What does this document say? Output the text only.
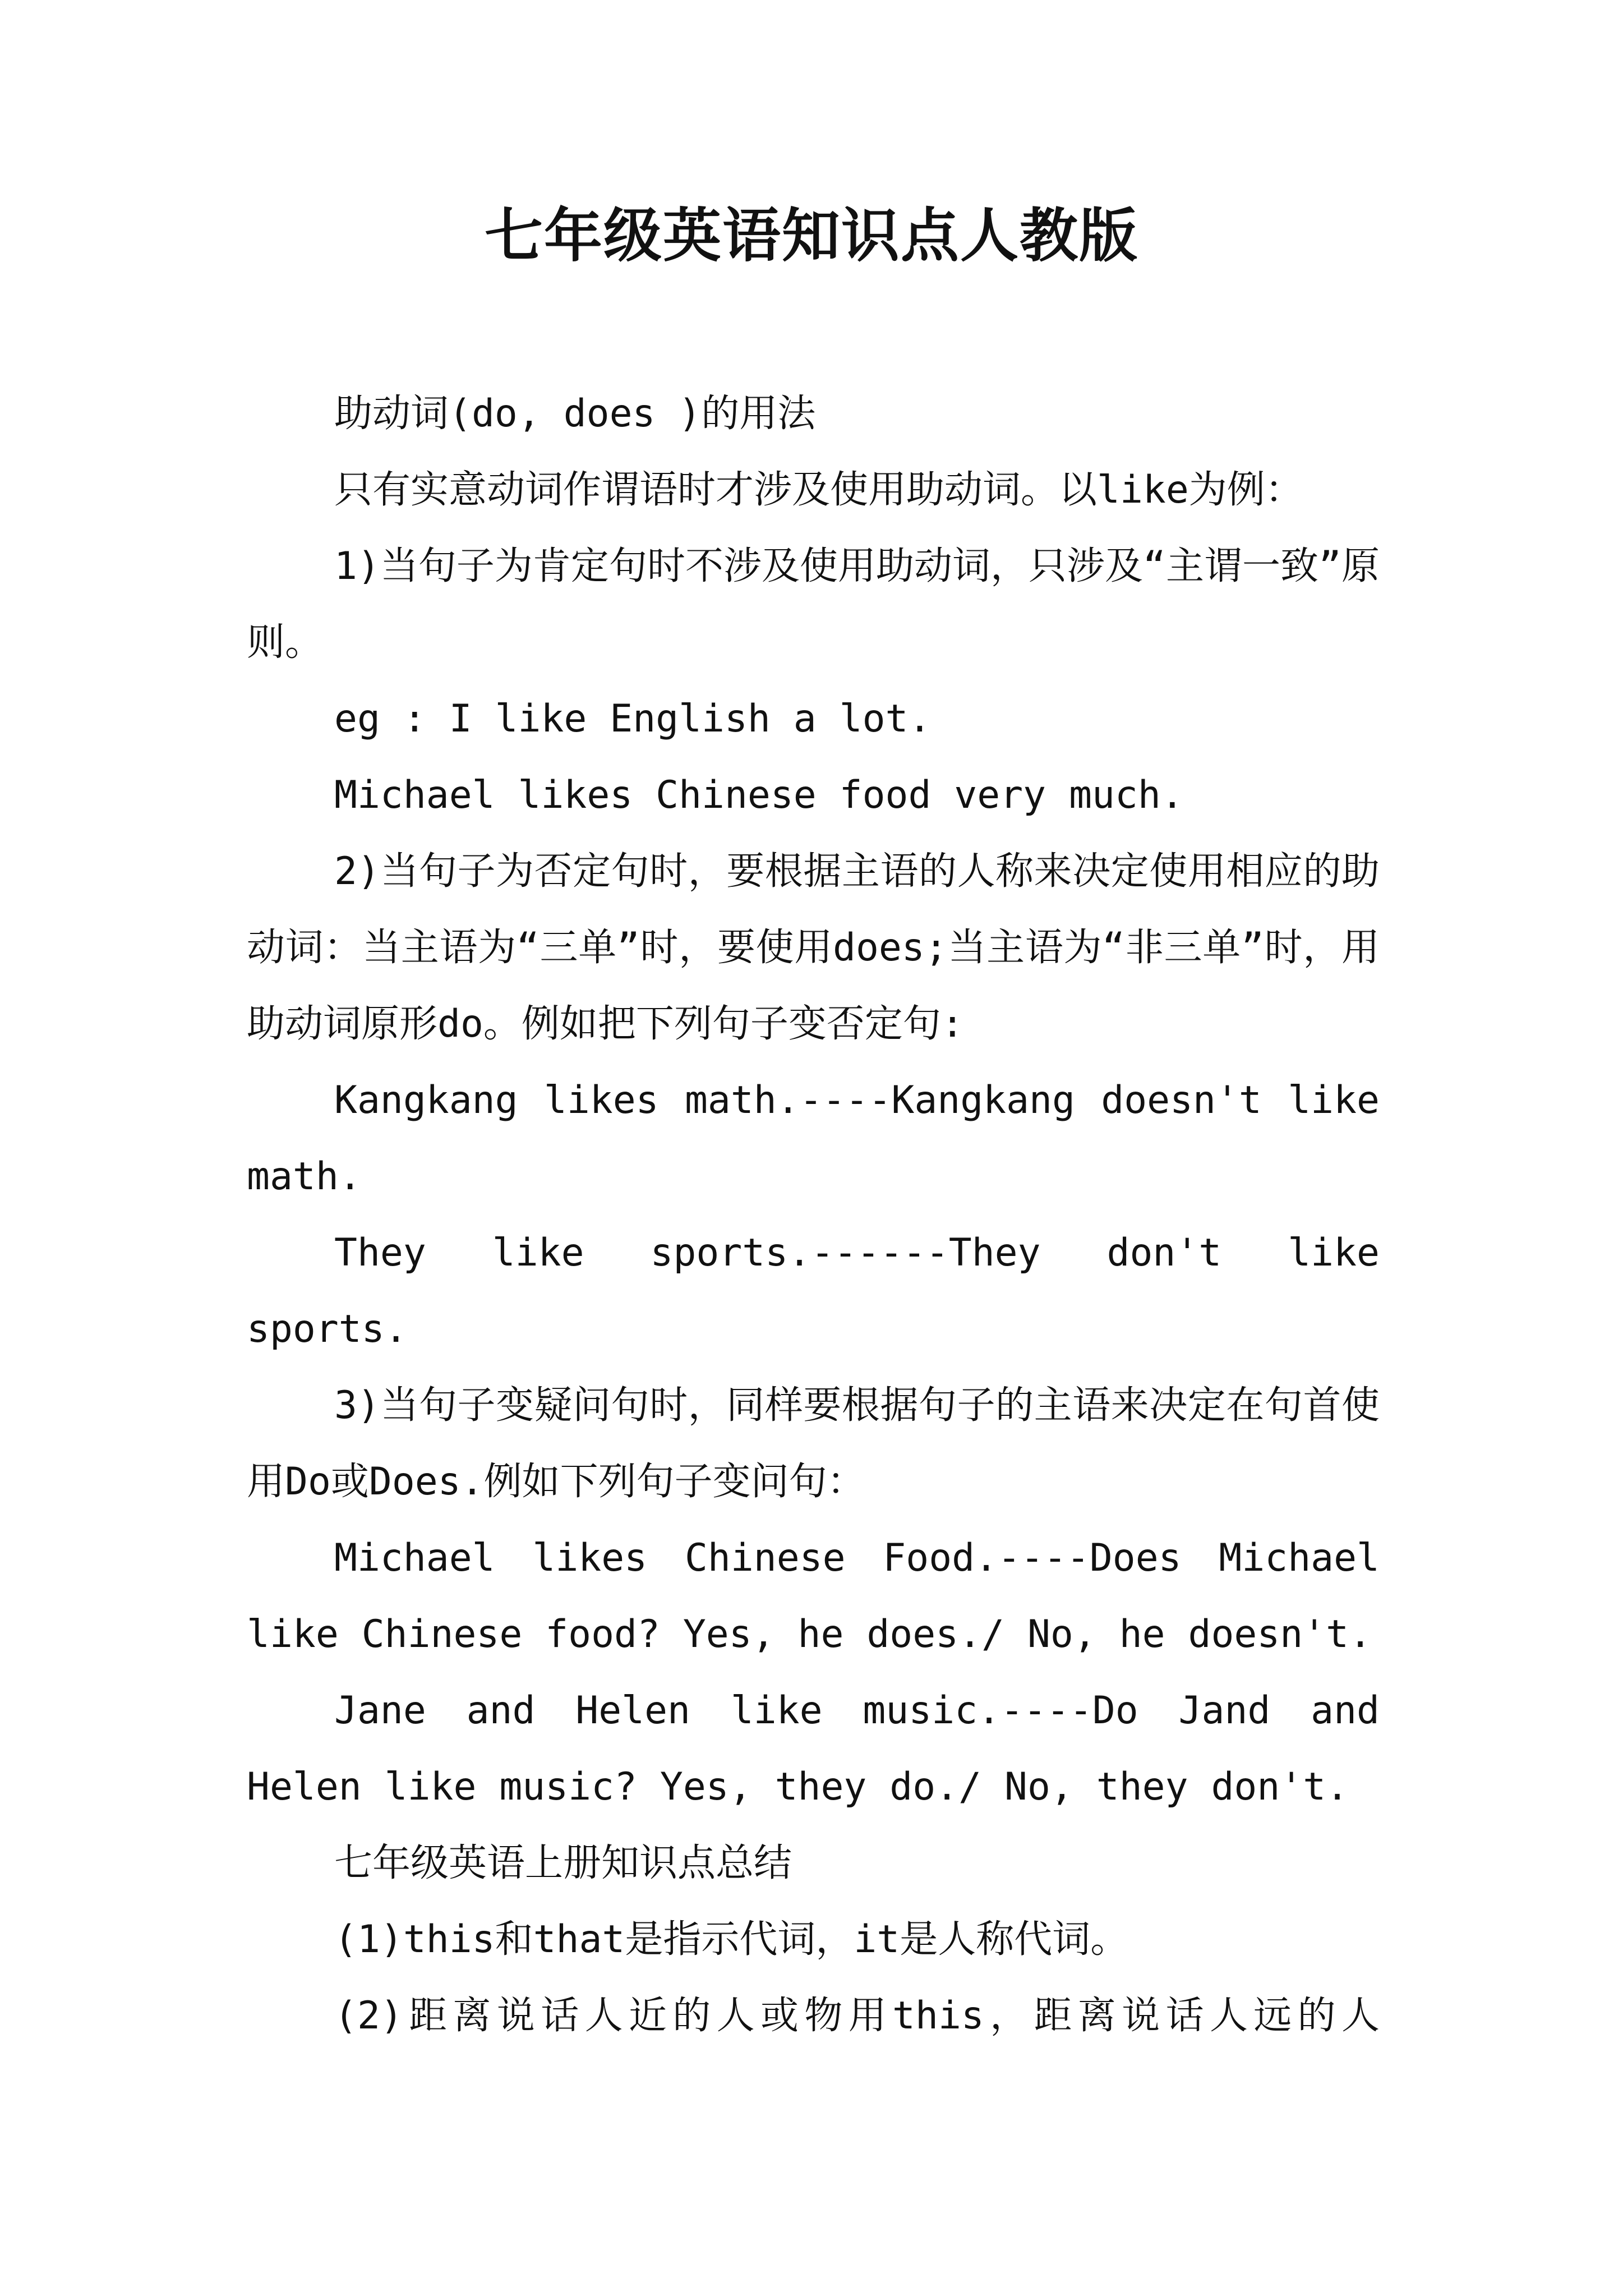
七年级英语知识点人教版

助动词(do, does )的用法

只有实意动词作谓语时才涉及使用助动词。以like为例：

1)当句子为肯定句时不涉及使用助动词，只涉及“主谓一致”原则。

eg : I like English a lot.

Michael likes Chinese food very much.

2)当句子为否定句时，要根据主语的人称来决定使用相应的助动词：当主语为“三单”时，要使用does;当主语为“非三单”时，用助动词原形do。例如把下列句子变否定句:

Kangkang likes math.----Kangkang doesn't like math.

They like sports.------They don't like sports.

3)当句子变疑问句时，同样要根据句子的主语来决定在句首使用Do或Does.例如下列句子变问句：

Michael likes Chinese Food.----Does Michael like Chinese food? Yes, he does./ No, he doesn't.

Jane and Helen like music.----Do Jand and Helen like music? Yes, they do./ No, they don't.

七年级英语上册知识点总结

(1)this和that是指示代词，it是人称代词。

(2)距离说话人近的人或物用this，距离说话人远的人
